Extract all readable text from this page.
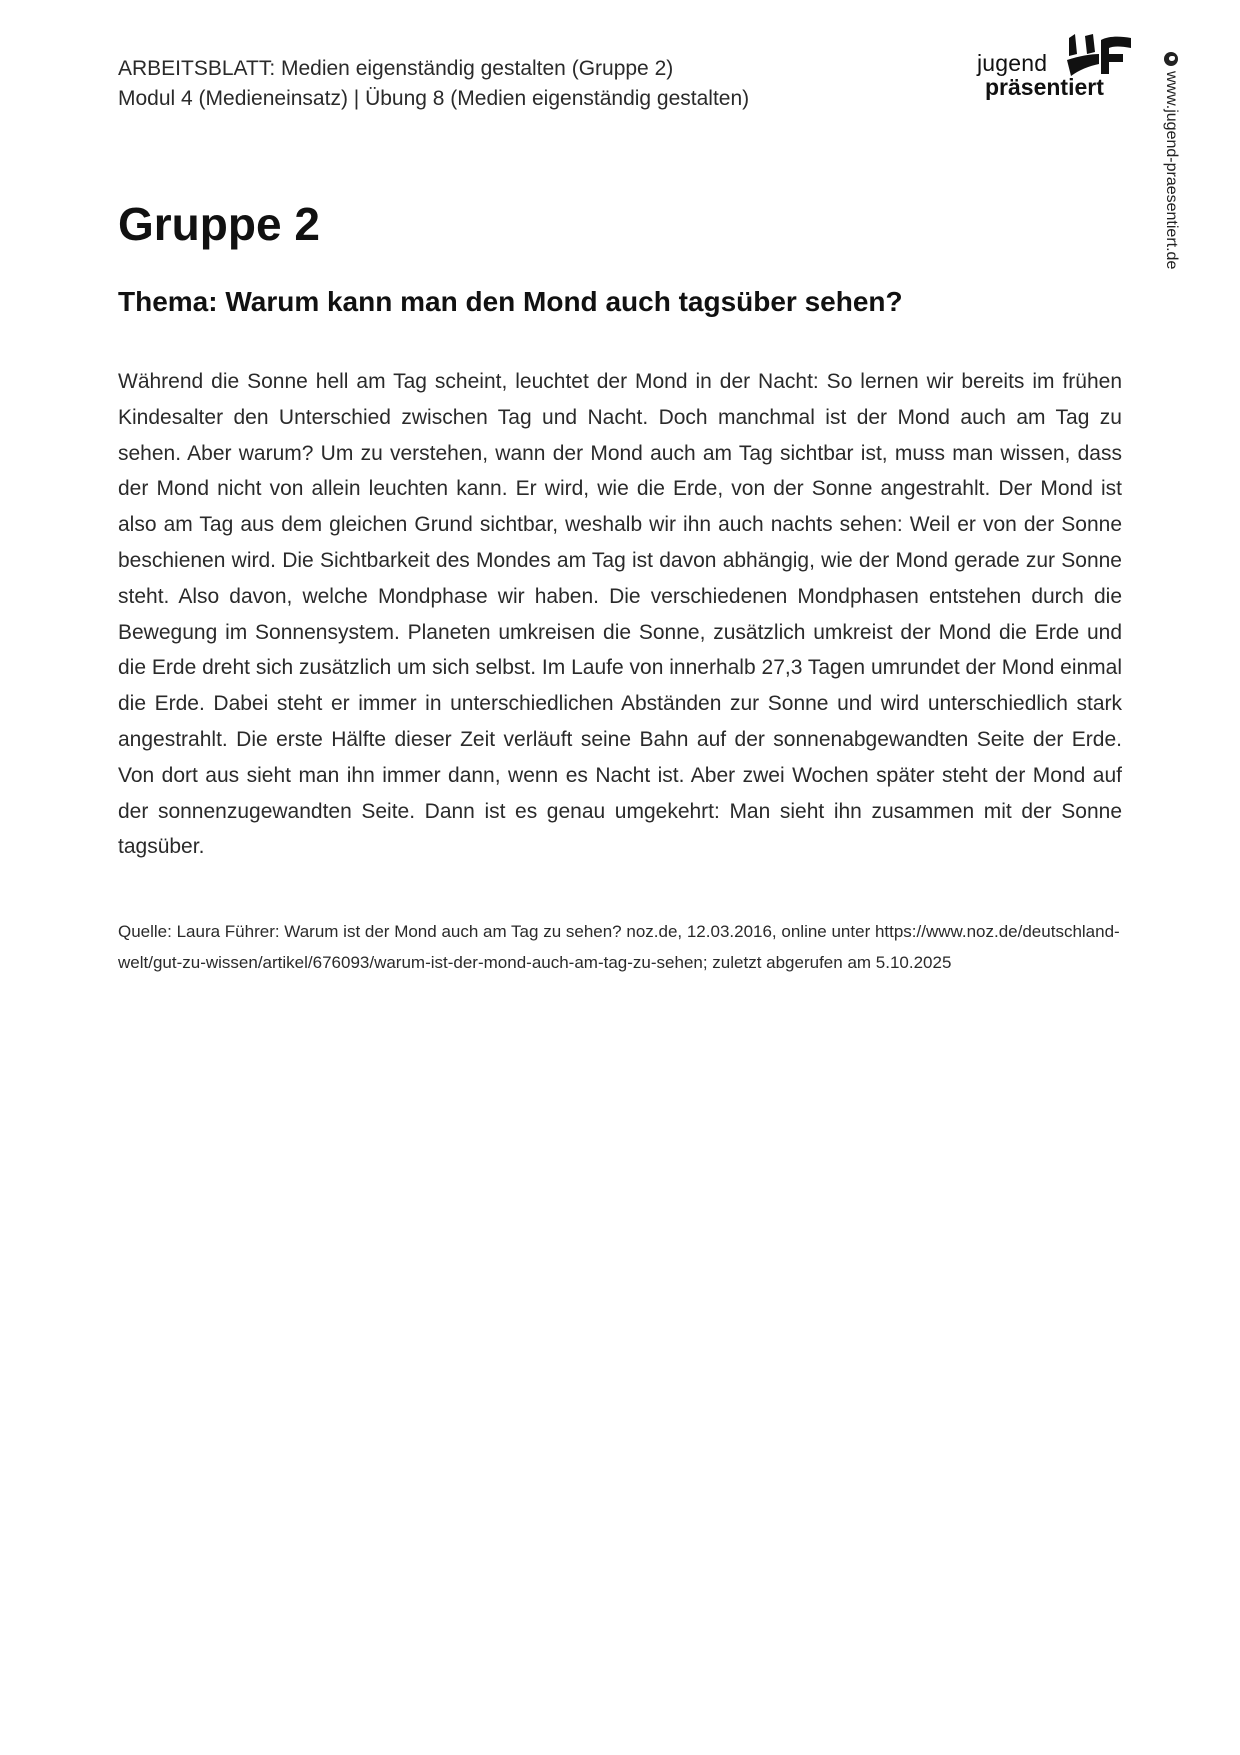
ARBEITSBLATT: Medien eigenständig gestalten (Gruppe 2)
Modul 4 (Medieneinsatz) | Übung 8 (Medien eigenständig gestalten)
jugend
präsentiert	www.jugend-praesentiert.de
Gruppe 2
Thema: Warum kann man den Mond auch tagsüber sehen?

Während die Sonne hell am Tag scheint, leuchtet der Mond in der Nacht: So lernen wir bereits im frühen Kindesalter den Unterschied zwischen Tag und Nacht. Doch manchmal ist der Mond auch am Tag zu sehen. Aber warum? Um zu verstehen, wann der Mond auch am Tag sichtbar ist, muss man wissen, dass der Mond nicht von allein leuchten kann. Er wird, wie die Erde, von der Sonne angestrahlt. Der Mond ist also am Tag aus dem gleichen Grund sichtbar, weshalb wir ihn auch nachts sehen: Weil er von der Sonne beschienen wird. Die Sichtbarkeit des Mondes am Tag ist davon abhängig, wie der Mond gerade zur Sonne steht. Also davon, welche Mondphase wir haben. Die verschiedenen Mondphasen entstehen durch die Bewegung im Sonnensystem. Planeten umkreisen die Sonne, zusätzlich umkreist der Mond die Erde und die Erde dreht sich zusätzlich um sich selbst. Im Laufe von innerhalb 27,3 Tagen umrundet der Mond einmal die Erde. Dabei steht er immer in unterschiedlichen Abständen zur Sonne und wird unterschiedlich stark angestrahlt. Die erste Hälfte dieser Zeit verläuft seine Bahn auf der sonnenabgewandten Seite der Erde. Von dort aus sieht man ihn immer dann, wenn es Nacht ist. Aber zwei Wochen später steht der Mond auf der sonnenzugewandten Seite. Dann ist es genau umgekehrt: Man sieht ihn zusammen mit der Sonne tagsüber.

Quelle: Laura Führer: Warum ist der Mond auch am Tag zu sehen? noz.de, 12.03.2016, online unter https://www.noz.de/deutschland-welt/gut-zu-wissen/artikel/676093/warum-ist-der-mond-auch-am-tag-zu-sehen; zuletzt abgerufen am 5.10.2025
